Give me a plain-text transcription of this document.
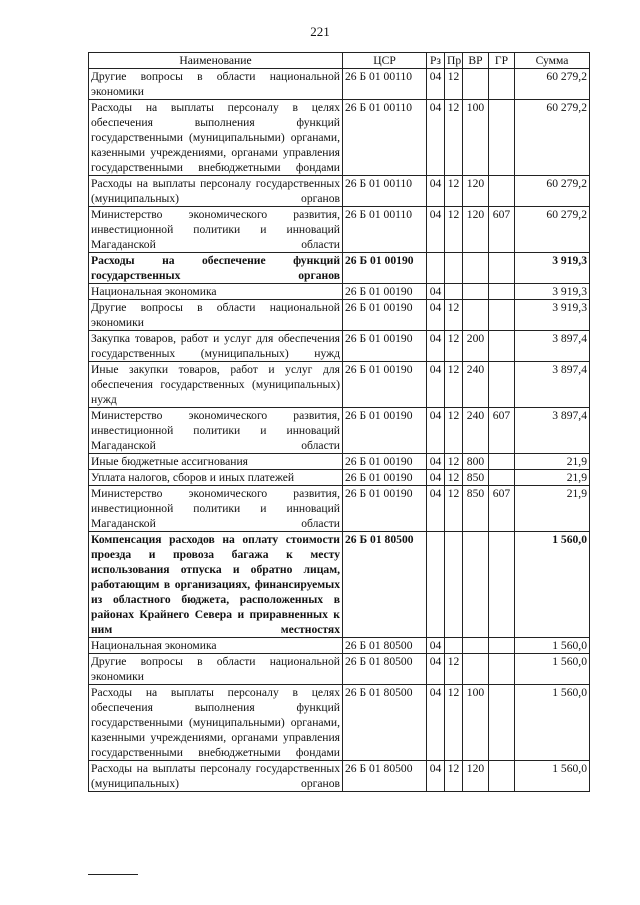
221
Наименование	ЦСР	Рз	Пр	ВР	ГР	Сумма
Другие вопросы в области национальной экономики	26 Б 01 00110	04	12			60 279,2
Расходы на выплаты персоналу в целях обеспечения выполнения функций государственными (муниципальными) органами, казенными учреждениями, органами управления государственными внебюджетными фондами	26 Б 01 00110	04	12	100		60 279,2
Расходы на выплаты персоналу государственных (муниципальных) органов	26 Б 01 00110	04	12	120		60 279,2
Министерство экономического развития, инвестиционной политики и инноваций Магаданской области	26 Б 01 00110	04	12	120	607	60 279,2
Расходы на обеспечение функций государственных органов	26 Б 01 00190					3 919,3
Национальная экономика	26 Б 01 00190	04				3 919,3
Другие вопросы в области национальной экономики	26 Б 01 00190	04	12			3 919,3
Закупка товаров, работ и услуг для обеспечения государственных (муниципальных) нужд	26 Б 01 00190	04	12	200		3 897,4
Иные закупки товаров, работ и услуг для обеспечения государственных (муниципальных) нужд	26 Б 01 00190	04	12	240		3 897,4
Министерство экономического развития, инвестиционной политики и инноваций Магаданской области	26 Б 01 00190	04	12	240	607	3 897,4
Иные бюджетные ассигнования	26 Б 01 00190	04	12	800		21,9
Уплата налогов, сборов и иных платежей	26 Б 01 00190	04	12	850		21,9
Министерство экономического развития, инвестиционной политики и инноваций Магаданской области	26 Б 01 00190	04	12	850	607	21,9
Компенсация расходов на оплату стоимости проезда и провоза багажа к месту использования отпуска и обратно лицам, работающим в организациях, финансируемых из областного бюджета, расположенных в районах Крайнего Севера и приравненных к ним местностях	26 Б 01 80500					1 560,0
Национальная экономика	26 Б 01 80500	04				1 560,0
Другие вопросы в области национальной экономики	26 Б 01 80500	04	12			1 560,0
Расходы на выплаты персоналу в целях обеспечения выполнения функций государственными (муниципальными) органами, казенными учреждениями, органами управления государственными внебюджетными фондами	26 Б 01 80500	04	12	100		1 560,0
Расходы на выплаты персоналу государственных (муниципальных) органов	26 Б 01 80500	04	12	120		1 560,0
